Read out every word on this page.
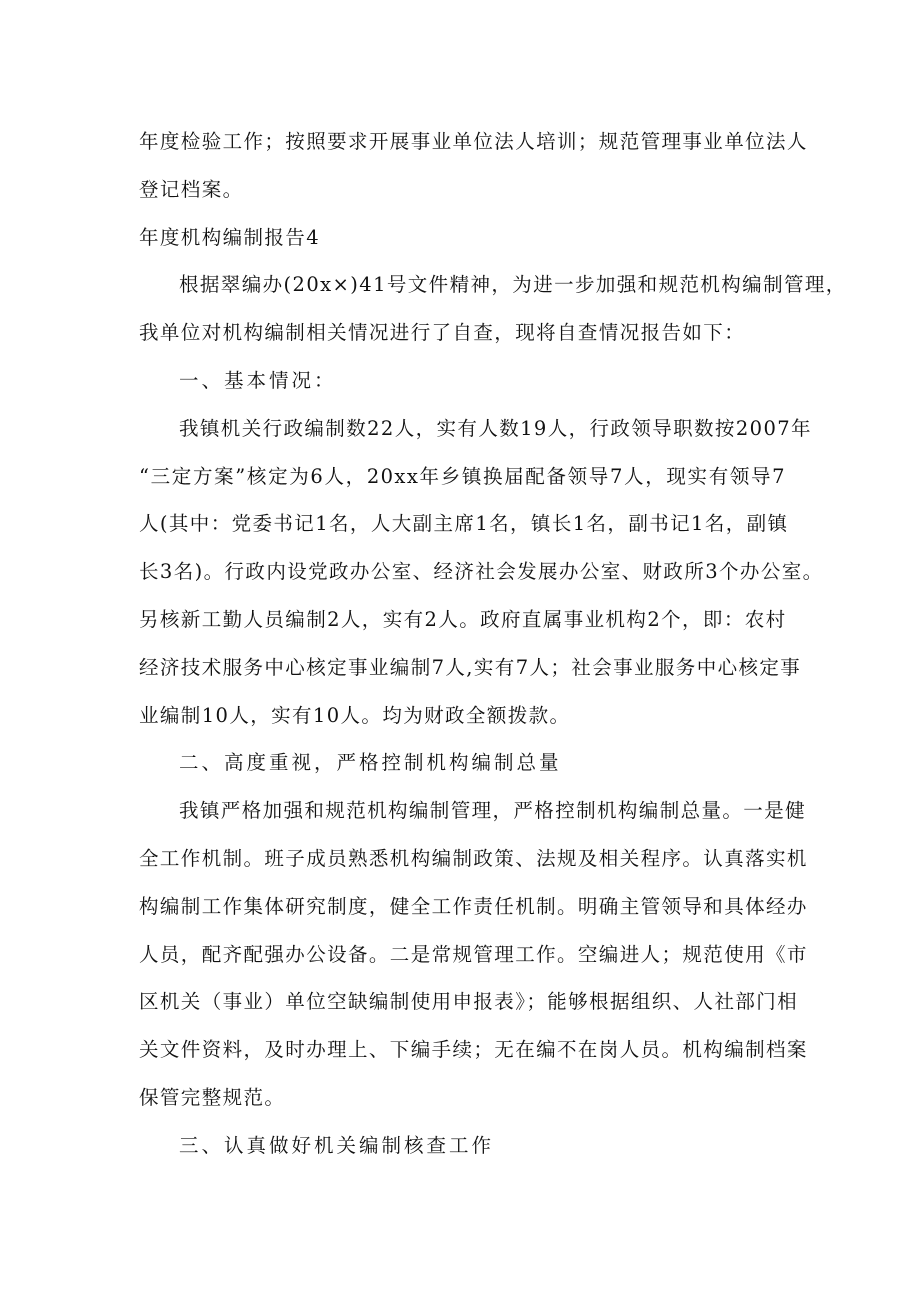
年度检验工作；按照要求开展事业单位法人培训；规范管理事业单位法人
登记档案。
年度机构编制报告4
根据翠编办(20x×)41号文件精神，为进一步加强和规范机构编制管理，
我单位对机构编制相关情况进行了自查，现将自查情况报告如下：
一、基本情况：
我镇机关行政编制数22人，实有人数19人，行政领导职数按2007年
“三定方案”核定为6人，20xx年乡镇换届配备领导7人，现实有领导7
人(其中：党委书记1名，人大副主席1名，镇长1名，副书记1名，副镇
长3名)。行政内设党政办公室、经济社会发展办公室、财政所3个办公室。
另核新工勤人员编制2人，实有2人。政府直属事业机构2个，即：农村
经济技术服务中心核定事业编制7人,实有7人；社会事业服务中心核定事
业编制10人，实有10人。均为财政全额拨款。
二、高度重视，严格控制机构编制总量
我镇严格加强和规范机构编制管理，严格控制机构编制总量。一是健
全工作机制。班子成员熟悉机构编制政策、法规及相关程序。认真落实机
构编制工作集体研究制度，健全工作责任机制。明确主管领导和具体经办
人员，配齐配强办公设备。二是常规管理工作。空编进人；规范使用《市
区机关（事业）单位空缺编制使用申报表》；能够根据组织、人社部门相
关文件资料，及时办理上、下编手续；无在编不在岗人员。机构编制档案
保管完整规范。
三、认真做好机关编制核查工作
